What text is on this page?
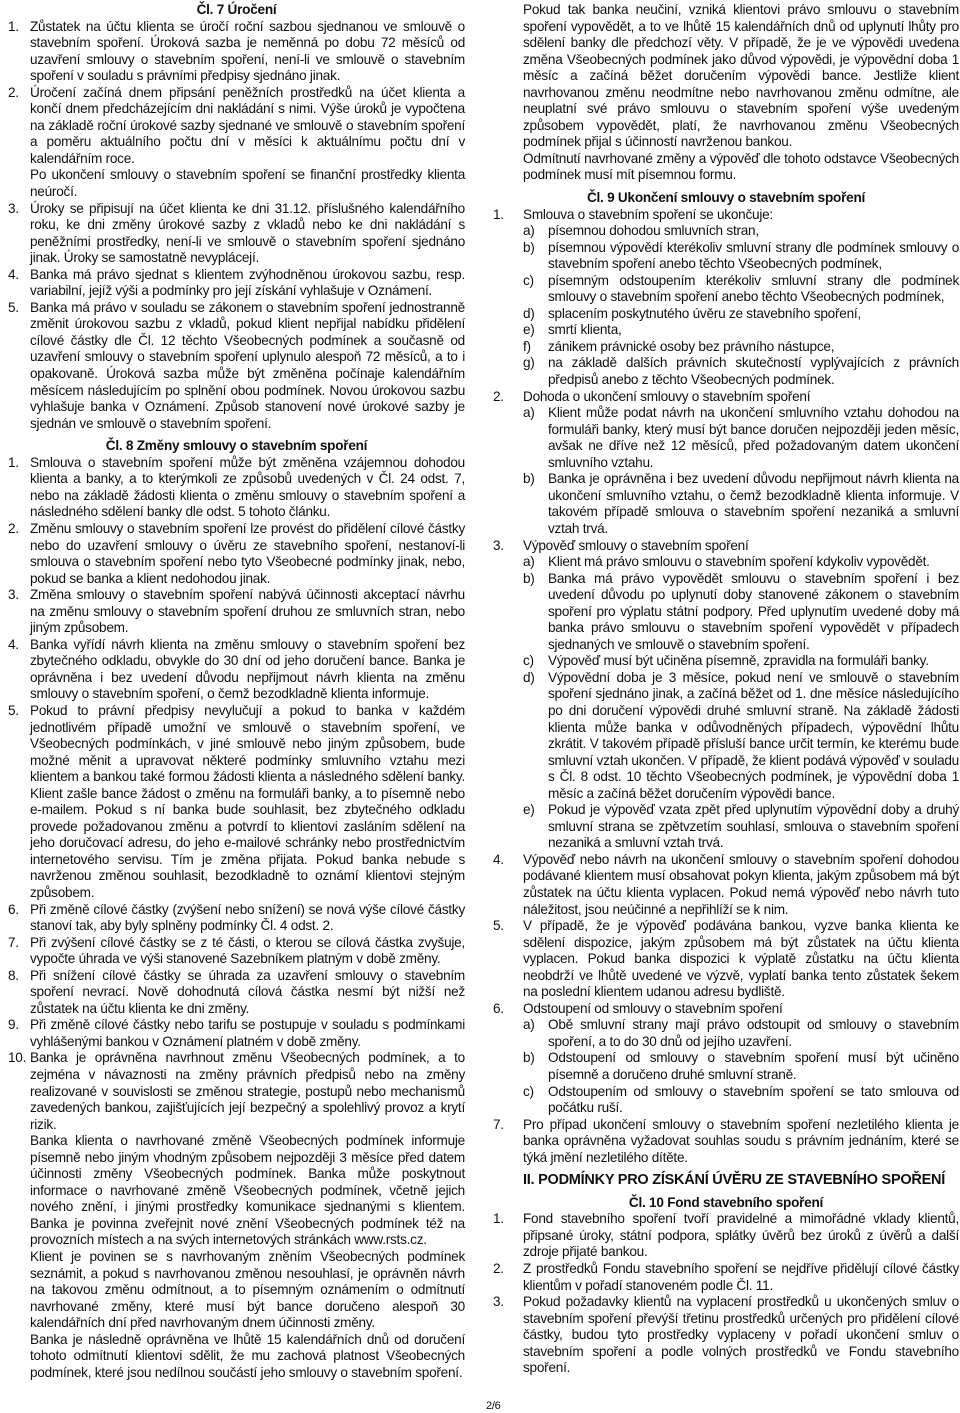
Čl. 7 Úročení
1. Zůstatek na účtu klienta se úročí roční sazbou sjednanou ve smlouvě o stavebním spoření. Úroková sazba je neměnná po dobu 72 měsíců od uzavření smlouvy o stavebním spoření, není-li ve smlouvě o stavebním spoření v souladu s právními předpisy sjednáno jinak.
2. Úročení začíná dnem připsání peněžních prostředků na účet klienta a končí dnem předcházejícím dni nakládání s nimi. Výše úroků je vypočtena na základě roční úrokové sazby sjednané ve smlouvě o stavebním spoření a poměru aktuálního počtu dní v měsíci k aktuálnímu počtu dní v kalendářním roce.
Po ukončení smlouvy o stavebním spoření se finanční prostředky klienta neúročí.
3. Úroky se připisují na účet klienta ke dni 31.12. příslušného kalendářního roku, ke dni změny úrokové sazby z vkladů nebo ke dni nakládání s peněžními prostředky, není-li ve smlouvě o stavebním spoření sjednáno jinak. Úroky se samostatně nevyplácejí.
4. Banka má právo sjednat s klientem zvýhodněnou úrokovou sazbu, resp. variabilní, jejíž výši a podmínky pro její získání vyhlašuje v Oznámení.
5. Banka má právo v souladu se zákonem o stavebním spoření jednostranně změnit úrokovou sazbu z vkladů, pokud klient nepřijal nabídku přidělení cílové částky dle Čl. 12 těchto Všeobecných podmínek a současně od uzavření smlouvy o stavebním spoření uplynulo alespoň 72 měsíců, a to i opakovaně. Úroková sazba může být změněna počínaje kalendářním měsícem následujícím po splnění obou podmínek. Novou úrokovou sazbu vyhlašuje banka v Oznámení. Způsob stanovení nové úrokové sazby je sjednán ve smlouvě o stavebním spoření.
Čl. 8 Změny smlouvy o stavebním spoření
1. Smlouva o stavebním spoření může být změněna vzájemnou dohodou klienta a banky, a to kterýmkoli ze způsobů uvedených v Čl. 24 odst. 7, nebo na základě žádosti klienta o změnu smlouvy o stavebním spoření a následného sdělení banky dle odst. 5 tohoto článku.
2. Změnu smlouvy o stavebním spoření lze provést do přidělení cílové částky nebo do uzavření smlouvy o úvěru ze stavebního spoření, nestanoví-li smlouva o stavebním spoření nebo tyto Všeobecné podmínky jinak, nebo, pokud se banka a klient nedohodou jinak.
3. Změna smlouvy o stavebním spoření nabývá účinnosti akceptací návrhu na změnu smlouvy o stavebním spoření druhou ze smluvních stran, nebo jiným způsobem.
4. Banka vyřídí návrh klienta na změnu smlouvy o stavebním spoření bez zbytečného odkladu, obvykle do 30 dní od jeho doručení bance. Banka je oprávněna i bez uvedení důvodu nepřijmout návrh klienta na změnu smlouvy o stavebním spoření, o čemž bezodkladně klienta informuje.
5. Pokud to právní předpisy nevylučují a pokud to banka v každém jednotlivém případě umožní ve smlouvě o stavebním spoření, ve Všeobecných podmínkách, v jiné smlouvě nebo jiným způsobem, bude možné měnit a upravovat některé podmínky smluvního vztahu mezi klientem a bankou také formou žádosti klienta a následného sdělení banky. Klient zašle bance žádost o změnu na formuláři banky, a to písemně nebo e-mailem. Pokud s ní banka bude souhlasit, bez zbytečného odkladu provede požadovanou změnu a potvrdí to klientovi zasláním sdělení na jeho doručovací adresu, do jeho e-mailové schránky nebo prostřednictvím internetového servisu. Tím je změna přijata. Pokud banka nebude s navrženou změnou souhlasit, bezodkladně to oznámí klientovi stejným způsobem.
6. Při změně cílové částky (zvýšení nebo snížení) se nová výše cílové částky stanoví tak, aby byly splněny podmínky Čl. 4 odst. 2.
7. Při zvýšení cílové částky se z té části, o kterou se cílová částka zvyšuje, vypočte úhrada ve výši stanovené Sazebníkem platným v době změny.
8. Při snížení cílové částky se úhrada za uzavření smlouvy o stavebním spoření nevrací. Nově dohodnutá cílová částka nesmí být nižší než zůstatek na účtu klienta ke dni změny.
9. Při změně cílové částky nebo tarifu se postupuje v souladu s podmínkami vyhlášenými bankou v Oznámení platném v době změny.
10. Banka je oprávněna navrhnout změnu Všeobecných podmínek, a to zejména v návaznosti na změny právních předpisů nebo na změny realizované v souvislosti se změnou strategie, postupů nebo mechanismů zavedených bankou, zajišťujících její bezpečný a spolehlivý provoz a krytí rizik.
Banka klienta o navrhované změně Všeobecných podmínek informuje písemně nebo jiným vhodným způsobem nejpozději 3 měsíce před datem účinnosti změny Všeobecných podmínek. Banka může poskytnout informace o navrhované změně Všeobecných podmínek, včetně jejich nového znění, i jinými prostředky komunikace sjednanými s klientem. Banka je povinna zveřejnit nové znění Všeobecných podmínek též na provozních místech a na svých internetových stránkách www.rsts.cz.
Klient je povinen se s navrhovaným zněním Všeobecných podmínek seznámit, a pokud s navrhovanou změnou nesouhlasí, je oprávněn návrh na takovou změnu odmítnout, a to písemným oznámením o odmítnutí navrhované změny, které musí být bance doručeno alespoň 30 kalendářních dní před navrhovaným dnem účinnosti změny.
Banka je následně oprávněna ve lhůtě 15 kalendářních dnů od doručení tohoto odmítnutí klientovi sdělit, že mu zachová platnost Všeobecných podmínek, které jsou nedílnou součástí jeho smlouvy o stavebním spoření.
Pokud tak banka neučiní, vzniká klientovi právo smlouvu o stavebním spoření vypovědět, a to ve lhůtě 15 kalendářních dnů od uplynutí lhůty pro sdělení banky dle předchozí věty. V případě, že je ve výpovědi uvedena změna Všeobecných podmínek jako důvod výpovědi, je výpovědní doba 1 měsíc a začíná běžet doručením výpovědi bance. Jestliže klient navrhovanou změnu neodmítne nebo navrhovanou změnu odmítne, ale neuplatní své právo smlouvu o stavebním spoření výše uvedeným způsobem vypovědět, platí, že navrhovanou změnu Všeobecných podmínek přijal s účinností navrženou bankou.
Odmítnutí navrhované změny a výpověď dle tohoto odstavce Všeobecných podmínek musí mít písemnou formu.
Čl. 9 Ukončení smlouvy o stavebním spoření
1.	Smlouva o stavebním spoření se ukončuje:
a) písemnou dohodou smluvních stran,
b) písemnou výpovědí kterékoliv smluvní strany dle podmínek smlouvy o stavebním spoření anebo těchto Všeobecných podmínek,
c)	písemným odstoupením kterékoliv smluvní strany dle podmínek smlouvy o stavebním spoření anebo těchto Všeobecných podmínek,
d) splacením poskytnutého úvěru ze stavebního spoření,
e) smrtí klienta,
f)	zánikem právnické osoby bez právního nástupce,
g) na základě dalších právních skutečností vyplývajících z právních předpisů anebo z těchto Všeobecných podmínek.
2.	Dohoda o ukončení smlouvy o stavebním spoření
a) Klient může podat návrh na ukončení smluvního vztahu dohodou na formuláři banky, který musí být bance doručen nejpozději jeden měsíc, avšak ne dříve než 12 měsíců, před požadovaným datem ukončení smluvního vztahu.
b) Banka je oprávněna i bez uvedení důvodu nepřijmout návrh klienta na ukončení smluvního vztahu, o čemž bezodkladně klienta informuje. V takovém případě smlouva o stavebním spoření nezaniká a smluvní vztah trvá.
3.	Výpověď smlouvy o stavebním spoření
a) Klient má právo smlouvu o stavebním spoření kdykoliv vypovědět.
b) Banka má právo vypovědět smlouvu o stavebním spoření i bez uvedení důvodu po uplynutí doby stanovené zákonem o stavebním spoření pro výplatu státní podpory. Před uplynutím uvedené doby má banka právo smlouvu o stavebním spoření vypovědět v případech sjednaných ve smlouvě o stavebním spoření.
c)	Výpověď musí být učiněna písemně, zpravidla na formuláři banky.
d) Výpovědní doba je 3 měsíce, pokud není ve smlouvě o stavebním spoření sjednáno jinak, a začíná běžet od 1. dne měsíce následujícího po dni doručení výpovědi druhé smluvní straně. Na základě žádosti klienta může banka v odůvodněných případech, výpovědní lhůtu zkrátit. V takovém případě přísluší bance určit termín, ke kterému bude smluvní vztah ukončen. V případě, že klient podává výpověď v souladu s Čl. 8 odst. 10 těchto Všeobecných podmínek, je výpovědní doba 1 měsíc a začíná běžet doručením výpovědi bance.
e) Pokud je výpověď vzata zpět před uplynutím výpovědní doby a druhý smluvní strana se zpětvzetím souhlasí, smlouva o stavebním spoření nezaniká a smluvní vztah trvá.
4.	Výpověď nebo návrh na ukončení smlouvy o stavebním spoření dohodou podávané klientem musí obsahovat pokyn klienta, jakým způsobem má být zůstatek na účtu klienta vyplacen. Pokud nemá výpověď nebo návrh tuto náležitost, jsou neúčinné a nepřihlíží se k nim.
5.	V případě, že je výpověď podávána bankou, vyzve banka klienta ke sdělení dispozice, jakým způsobem má být zůstatek na účtu klienta vyplacen. Pokud banka dispozici k výplatě zůstatku na účtu klienta neobdrží ve lhůtě uvedené ve výzvě, vyplatí banka tento zůstatek šekem na poslední klientem udanou adresu bydliště.
6.	Odstoupení od smlouvy o stavebním spoření
a) Obě smluvní strany mají právo odstoupit od smlouvy o stavebním spoření, a to do 30 dnů od jejího uzavření.
b) Odstoupení od smlouvy o stavebním spoření musí být učiněno písemně a doručeno druhé smluvní straně.
c)	Odstoupením od smlouvy o stavebním spoření se tato smlouva od počátku ruší.
7.	Pro případ ukončení smlouvy o stavebním spoření nezletilého klienta je banka oprávněna vyžadovat souhlas soudu s právním jednáním, které se týká jmění nezletilého dítěte.
II. PODMÍNKY PRO ZÍSKÁNÍ ÚVĚRU ZE STAVEBNÍHO SPOŘENÍ
Čl. 10 Fond stavebního spoření
1.	Fond stavebního spoření tvoří pravidelné a mimořádné vklady klientů, připsané úroky, státní podpora, splátky úvěrů bez úroků z úvěrů a další zdroje přijaté bankou.
2.	Z prostředků Fondu stavebního spoření se nejdříve přidělují cílové částky klientům v pořadí stanoveném podle Čl. 11.
3.	Pokud požadavky klientů na vyplacení prostředků u ukončených smluv o stavebním spoření převýší třetinu prostředků určených pro přidělení cílové částky, budou tyto prostředky vyplaceny v pořadí ukončení smluv o stavebním spoření a podle volných prostředků ve Fondu stavebního spoření.
2/6
